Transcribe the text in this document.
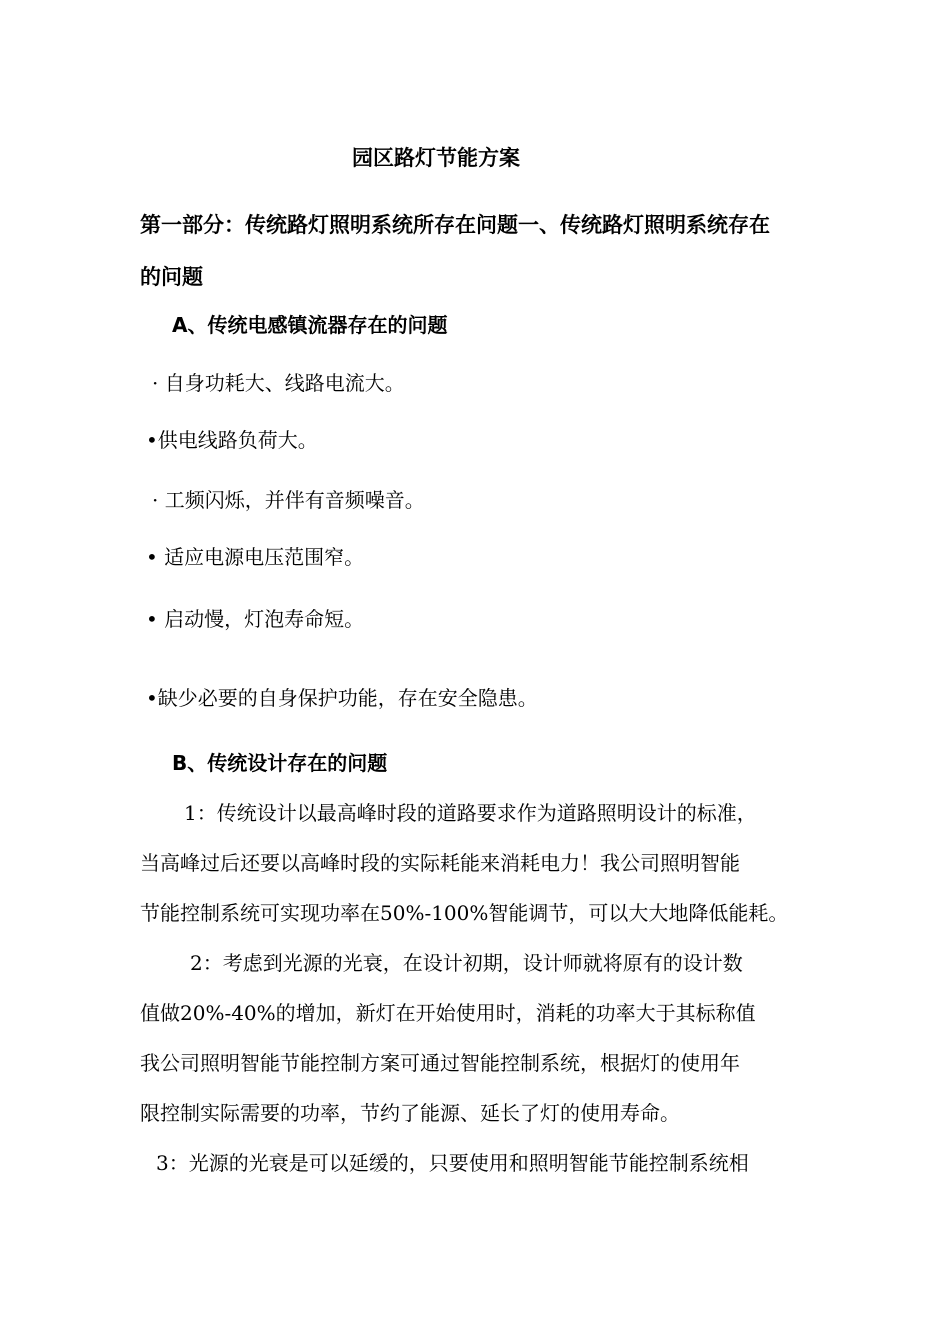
园区路灯节能方案

第一部分：传统路灯照明系统所存在问题一、传统路灯照明系统存在

的问题

A、传统电感镇流器存在的问题

· 自身功耗大、线路电流大。

•供电线路负荷大。

· 工频闪烁，并伴有音频噪音。

• 适应电源电压范围窄。

• 启动慢，灯泡寿命短。

•缺少必要的自身保护功能，存在安全隐患。

B、传统设计存在的问题

1：传统设计以最高峰时段的道路要求作为道路照明设计的标准，

当高峰过后还要以高峰时段的实际耗能来消耗电力！我公司照明智能

节能控制系统可实现功率在50%-100%智能调节，可以大大地降低能耗。

2：考虑到光源的光衰，在设计初期，设计师就将原有的设计数

值做20%-40%的增加，新灯在开始使用时，消耗的功率大于其标称值

我公司照明智能节能控制方案可通过智能控制系统，根据灯的使用年

限控制实际需要的功率，节约了能源、延长了灯的使用寿命。

3：光源的光衰是可以延缓的，只要使用和照明智能节能控制系统相
